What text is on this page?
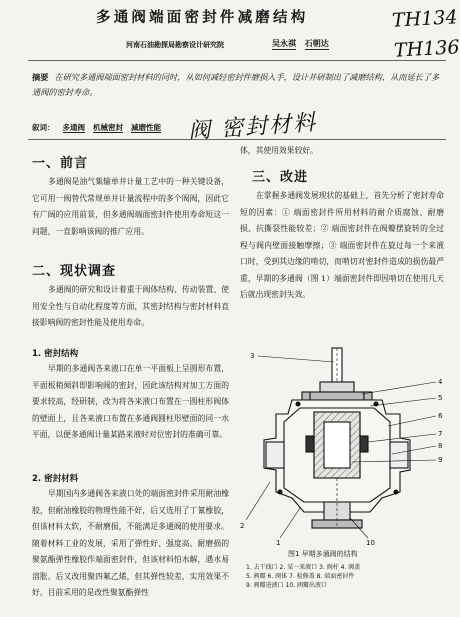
多通阀端面密封件减磨结构	TH134
TH136
河南石油勘探局勘察设计研究院	吴永祺 石朝达
摘要 在研究多通阀端面密封材料的同时，从如何减轻密封件磨损入手，设计并研制出了减磨结构，从而延长了多通阀的密封寿命。
叙词： 多通阀 机械密封 减磨性能	阀 密封材料
一、前言

多通阀是油气集输单井计量工艺中的一种关键设备，它可用一阀替代常规单井计量流程中的多个阀阀，因此它有广阔的应用前景，但多通阀端面密封件使用寿命短这一问题，一直影响该阀的推广应用。

二、现状调查

多通阀的研究和设计着重于阀体结构、传动装置、使用安全性与自动化程度等方面，其密封结构与密封材料直接影响阀的密封性能及使用寿命。

1. 密封结构

早期的多通阀各来液口在单一平面板上呈圆形布置，平面板稍倾斜即影响阀的密封，因此该结构对加工方面的要求较高，经研制，改为将各来液口布置在一圆柱形阀体的壁面上，且各来液口布置在多通阀圆柱形壁面的同一水平面，以便多通阀计量某路来液时对位密封的准确可靠。

2. 密封材料

早期国内多通阀各来液口处的端面密封件采用耐油橡胶，但耐油橡胶的物理性能不好，后又选用了丁氰橡胶，但该材料太软，不耐磨损，不能满足多通阀的使用要求。随着材料工业的发展，采用了弹性好、强度高、耐磨损的聚氨酯弹性橡胶作端面密封件，但该材料怕水解，遇水易溶胀。后又改用聚四氟乙烯，但其弹性较差，实用效果不好。目前采用的是改性聚氨酯弹性

体，其使用效果较好。

三、改进

在掌握多通阀发展现状的基础上，首先分析了密封寿命短的因素：① 端面密封件所用材料的耐介质腐蚀、耐磨损、抗撕裂性能较差；② 端面密封件在阀瓣摆旋转的全过程与阀内壁面接触摩擦；③ 端面密封件在旋过每一个来液口时，受到其边缘的啃切，而啃切对密封件造成的损伤最严重，早期的多通阀（图 1）端面密封件即因啃切在使用几天后就出现密封失效。

3
4
5
6
7
8
9
10
1
2
图1 早期多通阀的结构
1. 去干线口 2. 某一来液口 3. 阀杆 4. 阀盖
5. 阀瓣 6. 阀体 7. 检修盖 8. 端面密封件
9. 阀瓣进液口 10. 阀瓣出液口
